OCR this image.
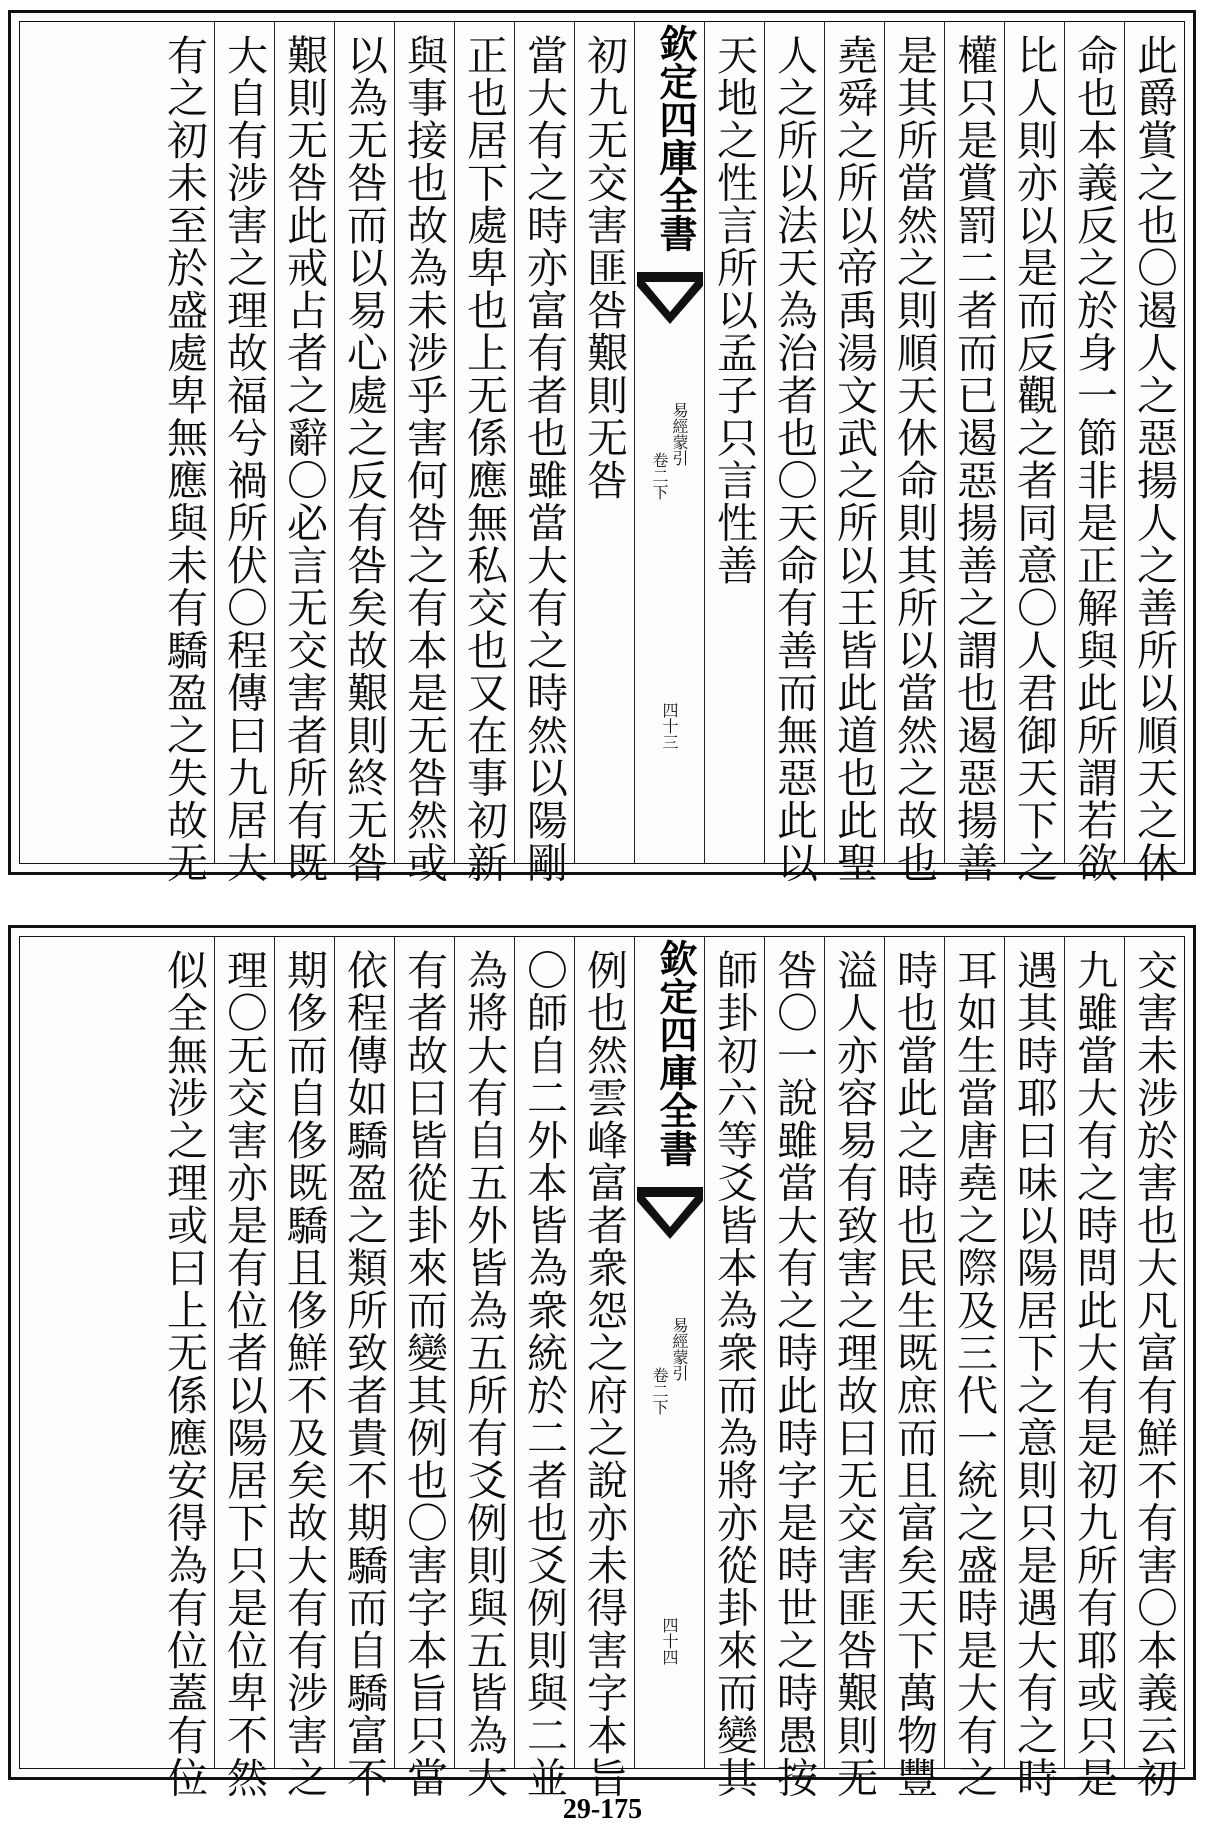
此爵賞之也〇遏人之惡揚人之善所以順天之休
命也本義反之於身一節非是正解與此所謂若欲
比人則亦以是而反觀之者同意〇人君御天下之
權只是賞罰二者而已遏惡揚善之謂也遏惡揚善
是其所當然之則順天休命則其所以當然之故也
堯舜之所以帝禹湯文武之所以王皆此道也此聖
人之所以法天為治者也〇天命有善而無惡此以
天地之性言所以孟子只言性善
欽定四庫全書
易經蒙引
卷二下
四十三
初九无交害匪咎艱則无咎
當大有之時亦富有者也雖當大有之時然以陽剛
正也居下處卑也上无係應無私交也又在事初新
與事接也故為未涉乎害何咎之有本是无咎然或
以為无咎而以易心處之反有咎矣故艱則終无咎
艱則无咎此戒占者之辭〇必言无交害者所有既
大自有涉害之理故福兮禍所伏〇程傳曰九居大
有之初未至於盛處卑無應與未有驕盈之失故无
交害未涉於害也大凡富有鮮不有害〇本義云初
九雖當大有之時問此大有是初九所有耶或只是
遇其時耶曰味以陽居下之意則只是遇大有之時
耳如生當唐堯之際及三代一統之盛時是大有之
時也當此之時也民生既庶而且富矣天下萬物豐
溢人亦容易有致害之理故曰无交害匪咎艱則无
咎〇一說雖當大有之時此時字是時世之時愚按
師卦初六等爻皆本為衆而為將亦從卦來而變其
欽定四庫全書
易經蒙引
卷二下
四十四
例也然雲峰富者衆怨之府之說亦未得害字本旨
〇師自二外本皆為衆統於二者也爻例則與二並
為將大有自五外皆為五所有爻例則與五皆為大
有者故曰皆從卦來而變其例也〇害字本旨只當
依程傳如驕盈之類所致者貴不期驕而自驕富不
期侈而自侈既驕且侈鮮不及矣故大有有涉害之
理〇无交害亦是有位者以陽居下只是位卑不然
似全無涉之理或曰上无係應安得為有位蓋有位
29-175
